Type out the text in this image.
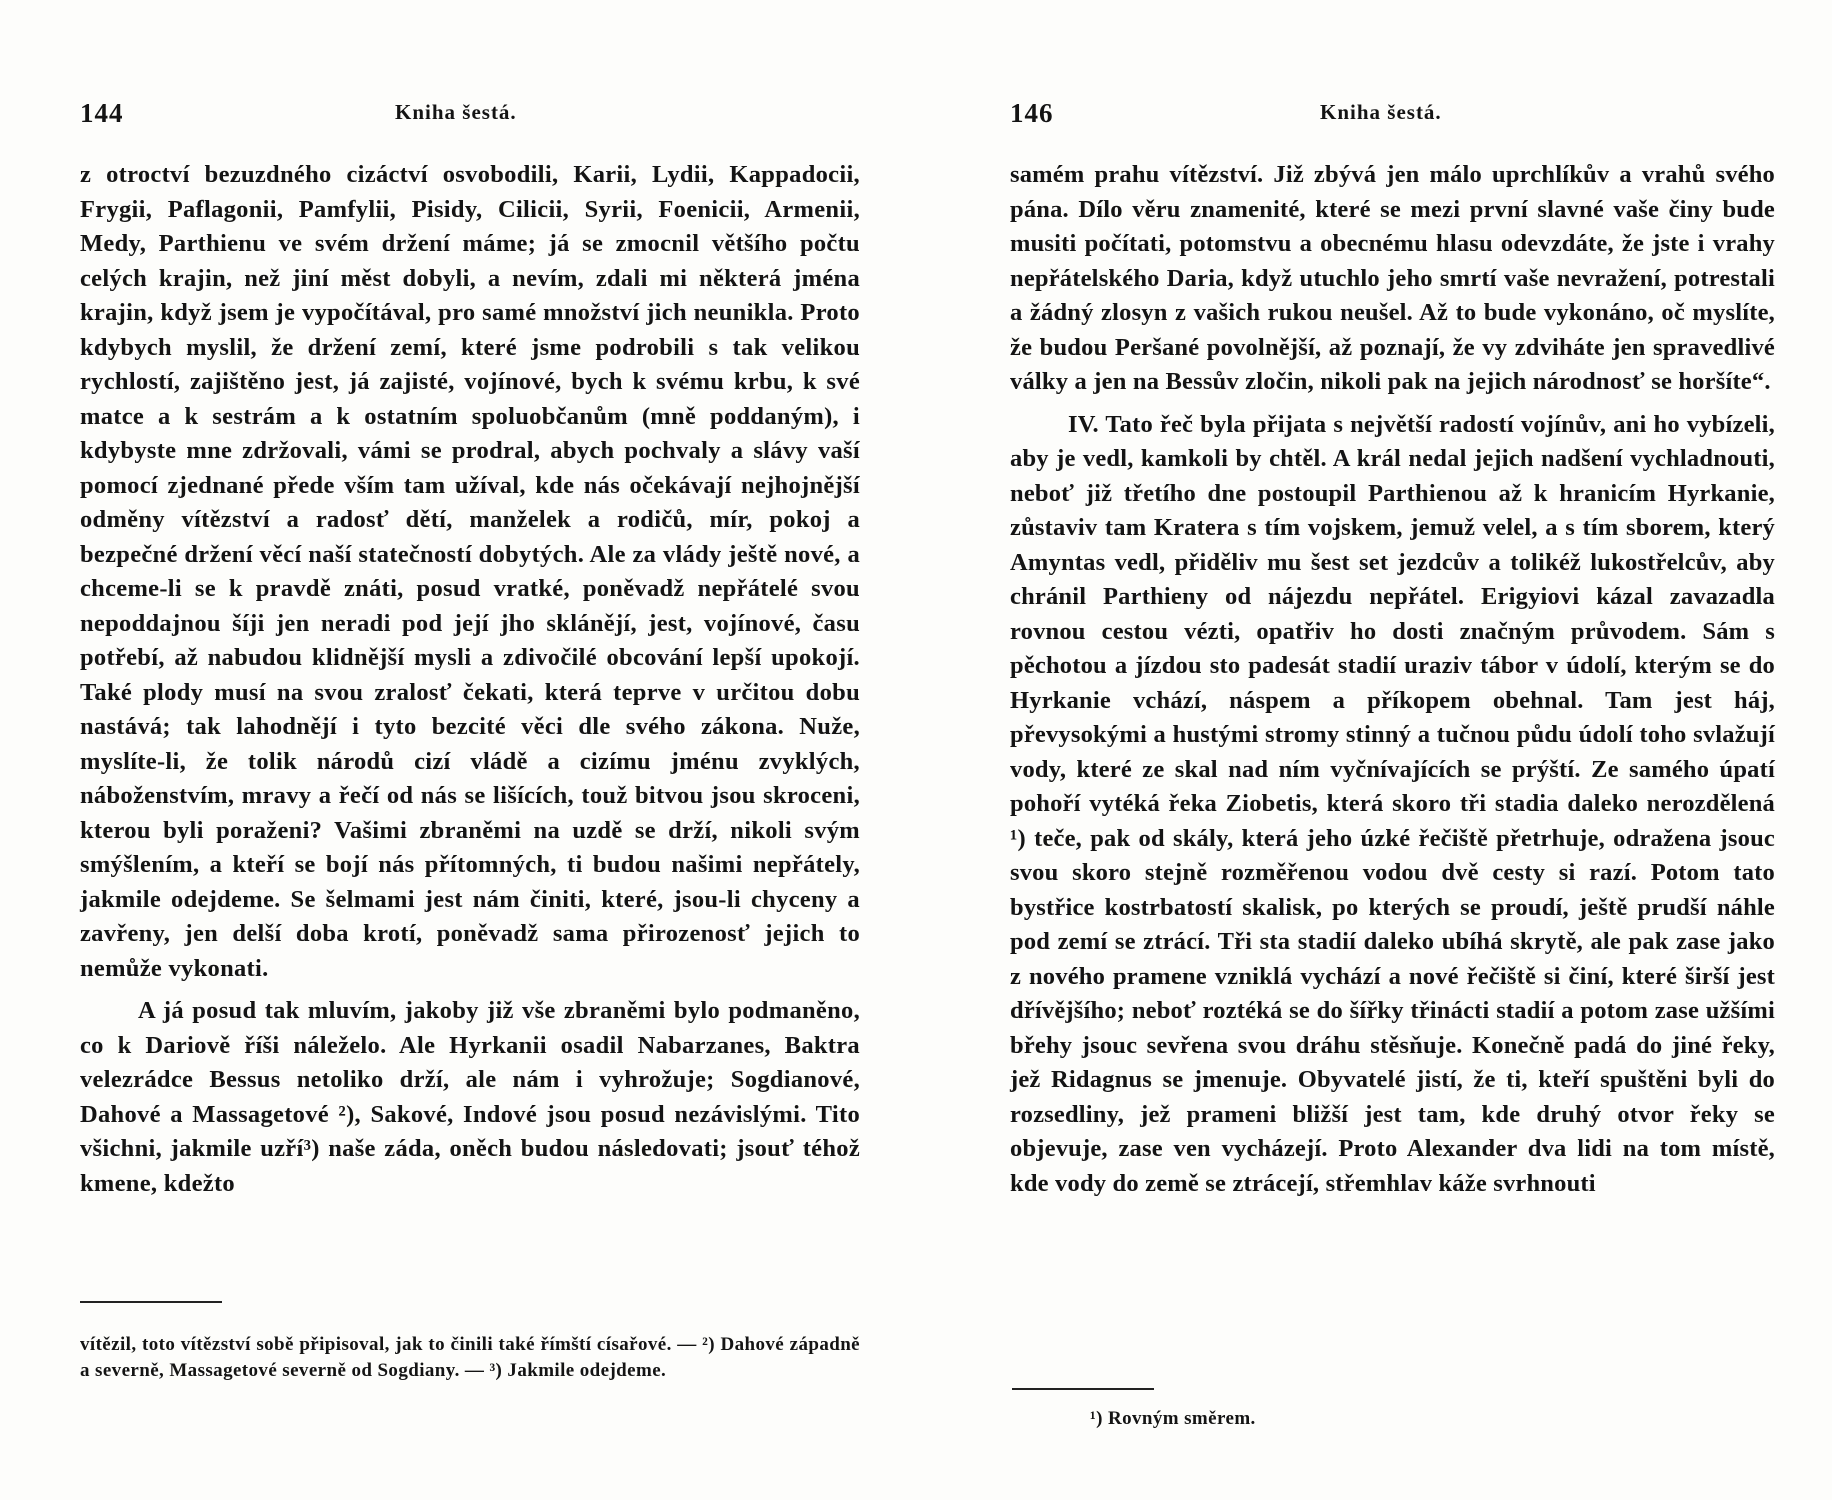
144	Kniha šestá.

z otroctví bezuzdného cizáctví osvobodili, Karii, Lydii, Kappadocii, Frygii, Paflagonii, Pamfylii, Pisidy, Cilicii, Syrii, Foenicii, Armenii, Medy, Parthienu ve svém držení máme; já se zmocnil většího počtu celých krajin, než jiní měst dobyli, a nevím, zdali mi některá jména krajin, když jsem je vypočítával, pro samé množství jich neunikla. Proto kdybych myslil, že držení zemí, které jsme podrobili s tak velikou rychlostí, zajištěno jest, já zajisté, vojínové, bych k svému krbu, k své matce a k sestrám a k ostatním spoluobčanům (mně poddaným), i kdybyste mne zdržovali, vámi se prodral, abych pochvaly a slávy vaší pomocí zjednané přede vším tam užíval, kde nás očekávají nejhojnější odměny vítězství a radosť dětí, manželek a rodičů, mír, pokoj a bezpečné držení věcí naší statečností dobytých. Ale za vlády ještě nové, a chceme-li se k pravdě znáti, posud vratké, poněvadž nepřátelé svou nepoddajnou šíji jen neradi pod její jho sklánějí, jest, vojínové, času potřebí, až nabudou klidnější mysli a zdivočilé obcování lepší upokojí. Také plody musí na svou zralosť čekati, která teprve v určitou dobu nastává; tak lahodnějí i tyto bezcité věci dle svého zákona. Nuže, myslíte-li, že tolik národů cizí vládě a cizímu jménu zvyklých, náboženstvím, mravy a řečí od nás se lišících, touž bitvou jsou skroceni, kterou byli poraženi? Vašimi zbraněmi na uzdě se drží, nikoli svým smýšlením, a kteří se bojí nás přítomných, ti budou našimi nepřátely, jakmile odejdeme. Se šelmami jest nám činiti, které, jsou-li chyceny a zavřeny, jen delší doba krotí, poněvadž sama přirozenosť jejich to nemůže vykonati.

A já posud tak mluvím, jakoby již vše zbraněmi bylo podmaněno, co k Dariově říši náleželo. Ale Hyrkanii osadil Nabarzanes, Baktra velezrádce Bessus netoliko drží, ale nám i vyhrožuje; Sogdianové, Dahové a Massagetové ²), Sakové, Indové jsou posud nezávislými. Tito všichni, jakmile uzří³) naše záda, oněch budou následovati; jsouť téhož kmene, kdežto

vítězil, toto vítězství sobě připisoval, jak to činili také římští císařové. — ²) Dahové západně a severně, Massagetové severně od Sogdiany. — ³) Jakmile odejdeme.
146	Kniha šestá.

samém prahu vítězství. Již zbývá jen málo uprchlíkův a vrahů svého pána. Dílo věru znamenité, které se mezi první slavné vaše činy bude musiti počítati, potomstvu a obecnému hlasu odevzdáte, že jste i vrahy nepřátelského Daria, když utuchlo jeho smrtí vaše nevražení, potrestali a žádný zlosyn z vašich rukou neušel. Až to bude vykonáno, oč myslíte, že budou Peršané povolnější, až poznají, že vy zdviháte jen spravedlivé války a jen na Bessův zločin, nikoli pak na jejich národnosť se horšíte“.

IV. Tato řeč byla přijata s největší radostí vojínův, ani ho vybízeli, aby je vedl, kamkoli by chtěl. A král nedal jejich nadšení vychladnouti, neboť již třetího dne postoupil Parthienou až k hranicím Hyrkanie, zůstaviv tam Kratera s tím vojskem, jemuž velel, a s tím sborem, který Amyntas vedl, přiděliv mu šest set jezdcův a tolikéž lukostřelcův, aby chránil Parthieny od nájezdu nepřátel. Erigyiovi kázal zavazadla rovnou cestou vézti, opatřiv ho dosti značným průvodem. Sám s pěchotou a jízdou sto padesát stadií uraziv tábor v údolí, kterým se do Hyrkanie vchází, náspem a příkopem obehnal. Tam jest háj, převysokými a hustými stromy stinný a tučnou půdu údolí toho svlažují vody, které ze skal nad ním vyčnívajících se prýští. Ze samého úpatí pohoří vytéká řeka Ziobetis, která skoro tři stadia daleko nerozdělená ¹) teče, pak od skály, která jeho úzké řečiště přetrhuje, odražena jsouc svou skoro stejně rozměřenou vodou dvě cesty si razí. Potom tato bystřice kostrbatostí skalisk, po kterých se proudí, ještě prudší náhle pod zemí se ztrácí. Tři sta stadií daleko ubíhá skrytě, ale pak zase jako z nového pramene vzniklá vychází a nové řečiště si činí, které širší jest dřívějšího; neboť roztéká se do šířky třinácti stadií a potom zase užšími břehy jsouc sevřena svou dráhu stěsňuje. Konečně padá do jiné řeky, jež Ridagnus se jmenuje. Obyvatelé jistí, že ti, kteří spuštěni byli do rozsedliny, jež prameni bližší jest tam, kde druhý otvor řeky se objevuje, zase ven vycházejí. Proto Alexander dva lidi na tom místě, kde vody do země se ztrácejí, střemhlav káže svrhnouti

¹) Rovným směrem.
